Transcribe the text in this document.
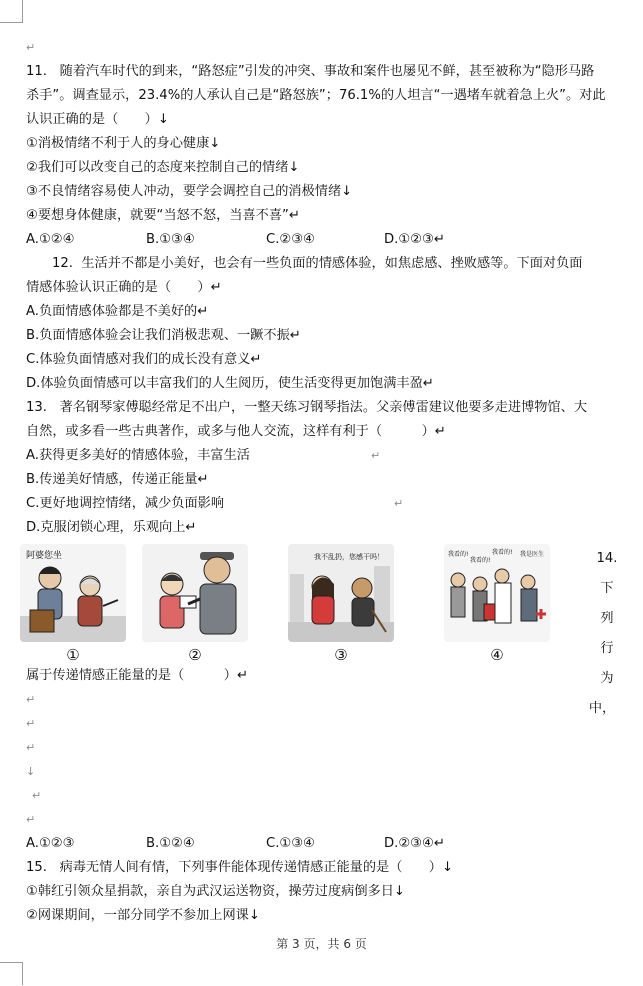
↵
11. 随着汽车时代的到来，“路怒症”引发的冲突、事故和案件也屡见不鲜，甚至被称为“隐形马路
杀手”。调查显示，23.4%的人承认自己是“路怒族”；76.1%的人坦言“一遇堵车就着急上火”。对此
认识正确的是（　　）↓
①消极情绪不利于人的身心健康↓
②我们可以改变自己的态度来控制自己的情绪↓
③不良情绪容易使人冲动，要学会调控自己的消极情绪↓
④要想身体健康，就要“当怒不怒，当喜不喜”↵
A.①②④	B.①③④	C.②③④	D.①②③↵
12. 生活并不都是小美好，也会有一些负面的情感体验，如焦虑感、挫败感等。下面对负面
情感体验认识正确的是（　　）↵
A.负面情感体验都是不美好的↵
B.负面情感体验会让我们消极悲观、一蹶不振↵
C.体验负面情感对我们的成长没有意义↵
D.体验负面情感可以丰富我们的人生阅历，使生活变得更加饱满丰盈↵
13. 著名钢琴家傅聪经常足不出户，一整天练习钢琴指法。父亲傅雷建议他要多走进博物馆、大
自然，或多看一些古典著作，或多与他人交流，这样有利于（　　　）↵
A.获得更多美好的情感体验，丰富生活	↵
B.传递美好情感，传递正能量↵
C.更好地调控情绪，减少负面影响	↵
D.克服闭锁心理，乐观向上↵
阿婆您坐	我不乱扔，您感干吗！	我看的!
我看的!
我看的! 我是医生
①	②	③	④
14.
下
列
行
为
中，
属于传递情感正能量的是（　　　）↵
↵
↵
↵
↓
↵
↵
A.①②③	B.①②④	C.①③④	D.②③④↵
15. 病毒无情人间有情，下列事件能体现传递情感正能量的是（　　）↓
①韩红引领众星捐款，亲自为武汉运送物资，操劳过度病倒多日↓
②网课期间，一部分同学不参加上网课↓
第 3 页，共 6 页
